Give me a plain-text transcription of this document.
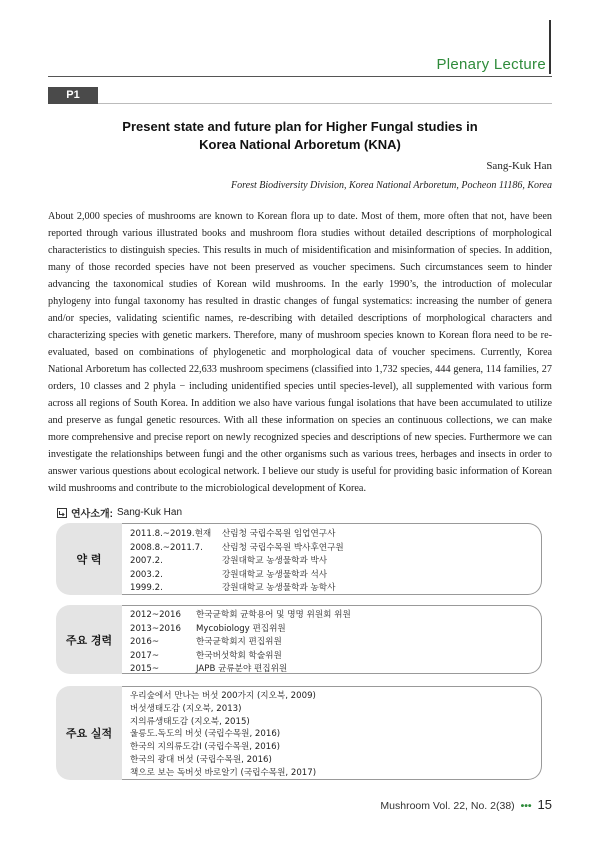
Plenary Lecture
P1
Present state and future plan for Higher Fungal studies in
Korea National Arboretum (KNA)
Sang-Kuk Han
Forest Biodiversity Division, Korea National Arboretum, Pocheon 11186, Korea

About 2,000 species of mushrooms are known to Korean flora up to date. Most of them, more often that not, have been reported through various illustrated books and mushroom flora studies without detailed descriptions of morphological characteristics to distinguish species. This results in much of misidentification and misinformation of species. In addition, many of those recorded species have not been preserved as voucher specimens. Such circumstances seem to hinder advancing the taxonomical studies of Korean wild mushrooms. In the early 1990’s, the introduction of molecular phylogeny into fungal taxonomy has resulted in drastic changes of fungal systematics: increasing the number of genera and/or species, validating scientific names, re-describing with detailed descriptions of morphological characters and characterizing species with genetic markers. Therefore, many of mushroom species known to Korean flora need to be re-evaluated, based on combinations of phylogenetic and morphological data of voucher specimens. Currently, Korea National Arboretum has collected 22,633 mushroom specimens (classified into 1,732 species, 444 genera, 114 families, 27 orders, 10 classes and 2 phyla − including unidentified species until species-level), all supplemented with various form across all regions of South Korea. In addition we also have various fungal isolations that have been accumulated to utilize and preserve as fungal genetic resources. With all these information on species an continuous collections, we can make more comprehensive and precise report on newly recognized species and descriptions of new species. Furthermore we can investigate the relationships between fungi and the other organisms such as various trees, herbages and insects in order to answer various questions about ecological network. I believe our study is useful for providing basic information of Korean wild mushrooms and contribute to the microbiological development of Korea.

연사소개: Sang-Kuk Han
약 력
2011.8.~2019.현재	산림청 국립수목원 임업연구사
2008.8.~2011.7.	산림청 국립수목원 박사후연구원
2007.2.	강원대학교 농생물학과 박사
2003.2.	강원대학교 농생물학과 석사
1999.2.	강원대학교 농생물학과 농학사
주요 경력
2012~2016	한국균학회 균학용어 및 명명 위원회 위원
2013~2016	Mycobiology 편집위원
2016~	한국균학회지 편집위원
2017~	한국버섯학회 학술위원
2015~	JAPB 균류분야 편집위원
주요 실적
우리숲에서 만나는 버섯 200가지 (지오북, 2009)
버섯생태도감 (지오북, 2013)
지의류생태도감 (지오북, 2015)
울릉도.독도의 버섯 (국립수목원, 2016)
한국의 지의류도감I (국립수목원, 2016)
한국의 광대 버섯 (국립수목원, 2016)
책으로 보는 독버섯 바로알기 (국립수목원, 2017)
Mushroom Vol. 22, No. 2(38) ••• 15
